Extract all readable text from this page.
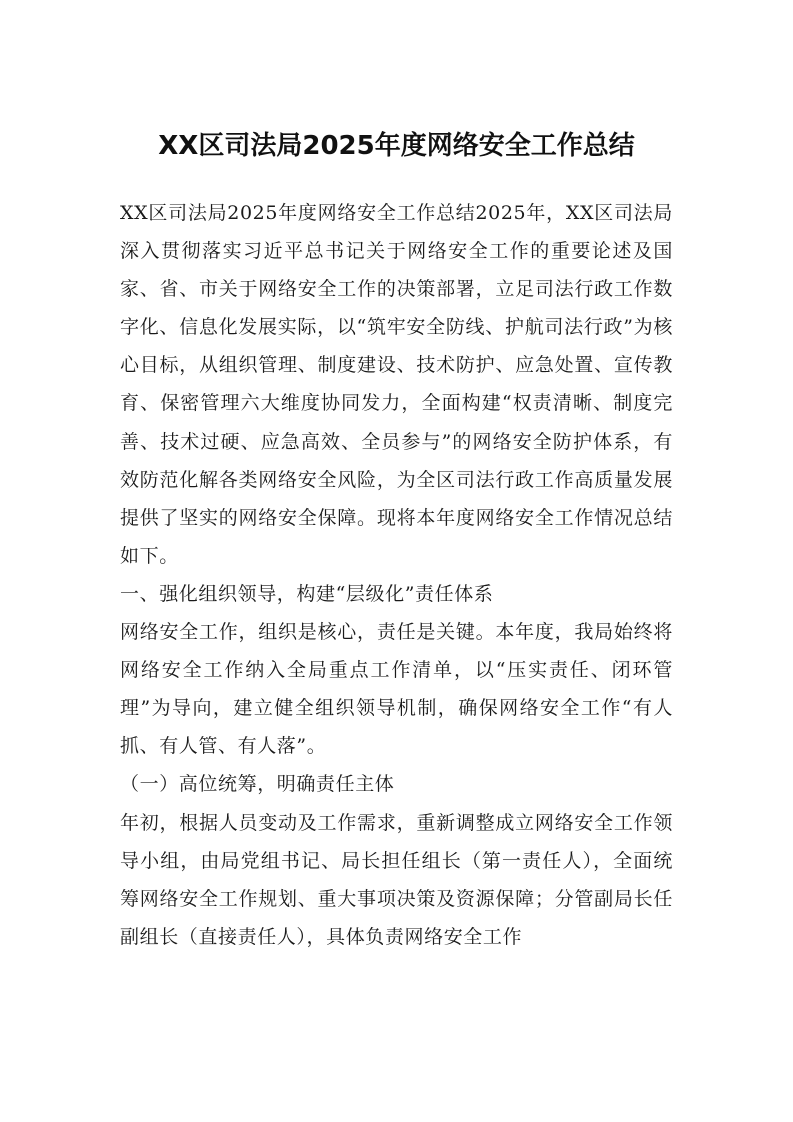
XX区司法局2025年度网络安全工作总结

XX区司法局2025年度网络安全工作总结2025年，XX区司法局深入贯彻落实习近平总书记关于网络安全工作的重要论述及国家、省、市关于网络安全工作的决策部署，立足司法行政工作数字化、信息化发展实际，以“筑牢安全防线、护航司法行政”为核心目标，从组织管理、制度建设、技术防护、应急处置、宣传教育、保密管理六大维度协同发力，全面构建“权责清晰、制度完善、技术过硬、应急高效、全员参与”的网络安全防护体系，有效防范化解各类网络安全风险，为全区司法行政工作高质量发展提供了坚实的网络安全保障。现将本年度网络安全工作情况总结如下。

一、强化组织领导，构建“层级化”责任体系

网络安全工作，组织是核心，责任是关键。本年度，我局始终将网络安全工作纳入全局重点工作清单，以“压实责任、闭环管理”为导向，建立健全组织领导机制，确保网络安全工作“有人抓、有人管、有人落”。

（一）高位统筹，明确责任主体

年初，根据人员变动及工作需求，重新调整成立网络安全工作领导小组，由局党组书记、局长担任组长（第一责任人），全面统筹网络安全工作规划、重大事项决策及资源保障；分管副局长任副组长（直接责任人），具体负责网络安全工作
